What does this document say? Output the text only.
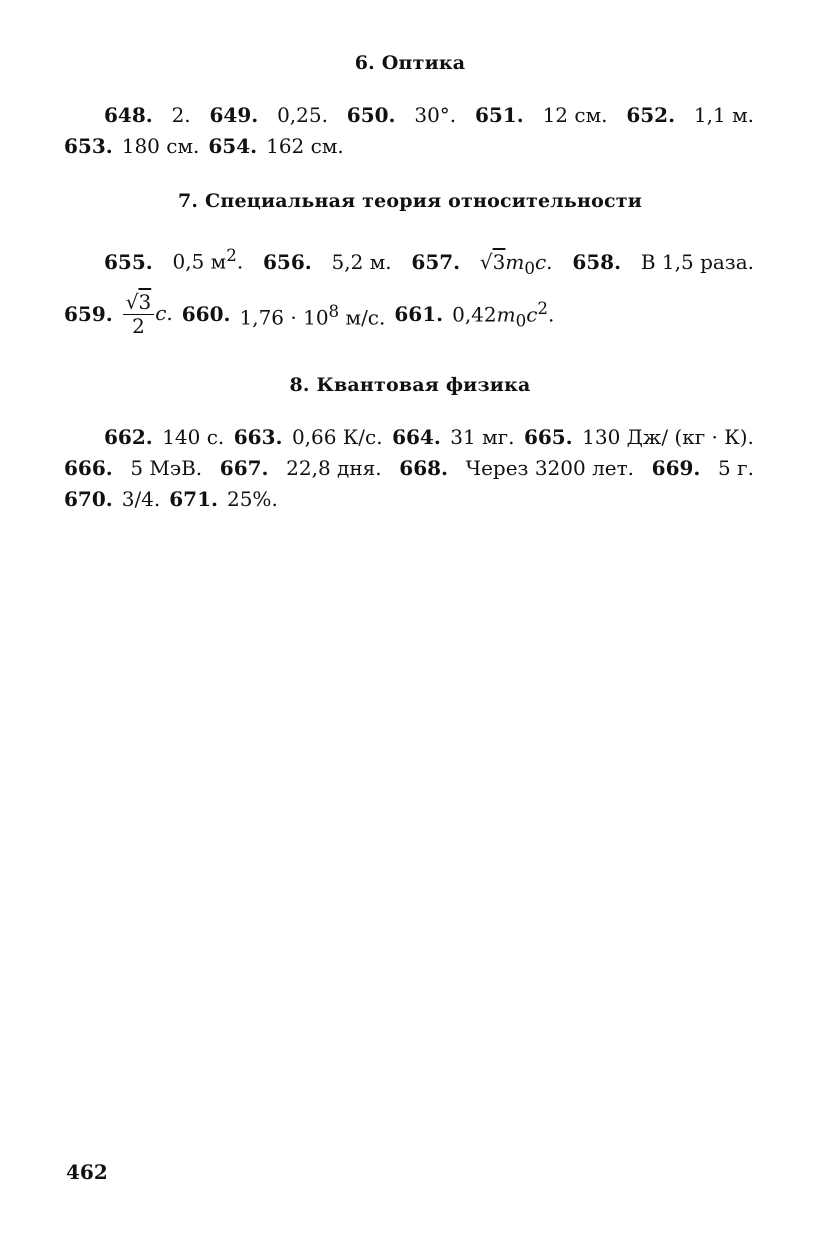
6. Оптика
648. 2. 649. 0,25. 650. 30°. 651. 12 см. 652. 1,1 м.
653. 180 см. 654. 162 см.
7. Специальная теория относительности
655. 0,5 $м^2$. 656. 5,2 м. 657. $√3m_0c$. 658. В 1,5 раза.
659. $\frac{√3}{2} c$. 660. $1,76 \cdot 10^8$ м/с. 661. $0,42m_0c^2$.
8. Квантовая физика
662. 140 с. 663. 0,66 К/с. 664. 31 мг. 665. 130 Дж/ (кг · К).
666. 5 МэВ. 667. 22,8 дня. 668. Через 3200 лет. 669. 5 г.
670. 3/4. 671. 25%.
462
